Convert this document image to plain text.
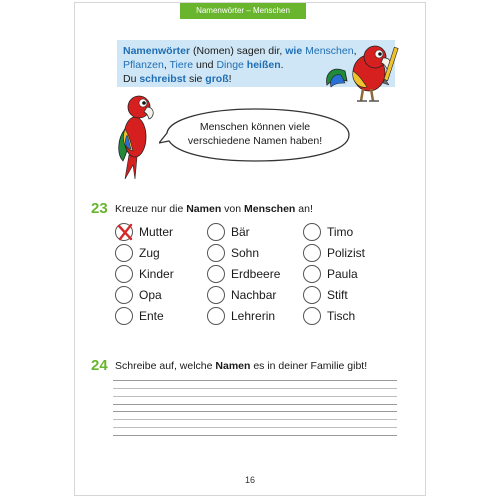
Namenwörter – Menschen
Namenwörter (Nomen) sagen dir, wie Menschen,
Pflanzen, Tiere und Dinge heißen.
Du schreibst sie groß!
Menschen können viele
verschiedene Namen haben!
23 Kreuze nur die Namen von Menschen an!
Mutter
Zug
Kinder
Opa
Ente
Bär
Sohn
Erdbeere
Nachbar
Lehrerin
Timo
Polizist
Paula
Stift
Tisch
24 Schreibe auf, welche Namen es in deiner Familie gibt!
16
